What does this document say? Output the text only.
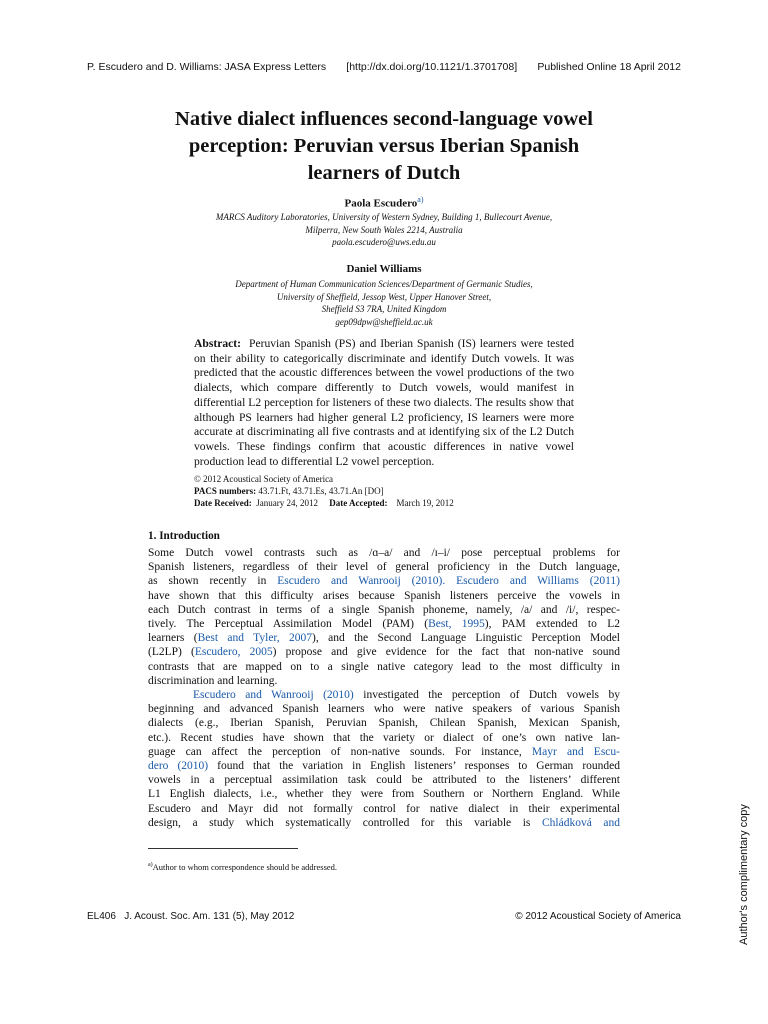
P. Escudero and D. Williams: JASA Express Letters [http://dx.doi.org/10.1121/1.3701708] Published Online 18 April 2012
Native dialect influences second-language vowel
perception: Peruvian versus Iberian Spanish
learners of Dutch
Paola Escudero$^{a)}$
MARCS Auditory Laboratories, University of Western Sydney, Building 1, Bullecourt Avenue,
Milperra, New South Wales 2214, Australia
paola.escudero@uws.edu.au
Daniel Williams
Department of Human Communication Sciences/Department of Germanic Studies,
University of Sheffield, Jessop West, Upper Hanover Street,
Sheffield S3 7RA, United Kingdom
gep09dpw@sheffield.ac.uk
Abstract: Peruvian Spanish (PS) and Iberian Spanish (IS) learners were tested on their ability to categorically discriminate and identify Dutch vowels. It was predicted that the acoustic differences between the vowel productions of the two dialects, which compare differently to Dutch vowels, would manifest in differential L2 perception for listeners of these two dialects. The results show that although PS learners had higher general L2 proficiency, IS learners were more accurate at discriminating all five contrasts and at identifying six of the L2 Dutch vowels. These findings confirm that acoustic differences in native vowel production lead to differential L2 vowel perception.
© 2012 Acoustical Society of America
PACS numbers: 43.71.Ft, 43.71.Es, 43.71.An [DO]
Date Received: January 24, 2012 Date Accepted: March 19, 2012
1. Introduction
Some Dutch vowel contrasts such as /ɑ–a/ and /ɪ–i/ pose perceptual problems for
Spanish listeners, regardless of their level of general proficiency in the Dutch language,
as shown recently in Escudero and Wanrooij (2010). Escudero and Williams (2011)
have shown that this difficulty arises because Spanish listeners perceive the vowels in
each Dutch contrast in terms of a single Spanish phoneme, namely, /a/ and /i/, respec-
tively. The Perceptual Assimilation Model (PAM) (Best, 1995), PAM extended to L2
learners (Best and Tyler, 2007), and the Second Language Linguistic Perception Model
(L2LP) (Escudero, 2005) propose and give evidence for the fact that non-native sound
contrasts that are mapped on to a single native category lead to the most difficulty in
discrimination and learning.
Escudero and Wanrooij (2010) investigated the perception of Dutch vowels by
beginning and advanced Spanish learners who were native speakers of various Spanish
dialects (e.g., Iberian Spanish, Peruvian Spanish, Chilean Spanish, Mexican Spanish,
etc.). Recent studies have shown that the variety or dialect of one’s own native lan-
guage can affect the perception of non-native sounds. For instance, Mayr and Escu-
dero (2010) found that the variation in English listeners’ responses to German rounded
vowels in a perceptual assimilation task could be attributed to the listeners’ different
L1 English dialects, i.e., whether they were from Southern or Northern England. While
Escudero and Mayr did not formally control for native dialect in their experimental
design, a study which systematically controlled for this variable is Chládková and
$^{a)}$Author to whom correspondence should be addressed.
EL406   J. Acoust. Soc. Am. 131 (5), May 2012	© 2012 Acoustical Society of America	Author's complimentary copy
